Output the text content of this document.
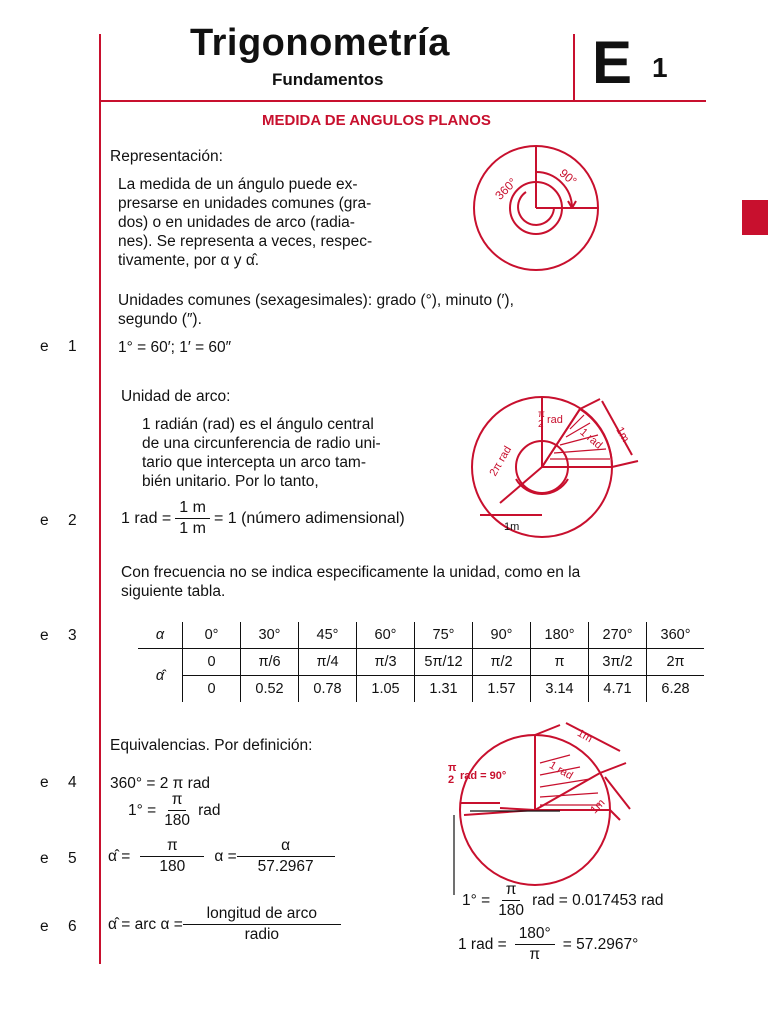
Trigonometría
Fundamentos	E 1
MEDIDA DE ANGULOS PLANOS
Representación:
La medida de un ángulo puede ex-
presarse en unidades comunes (gra-
dos) o en unidades de arco (radia-
nes). Se representa a veces, respec-
tivamente, por α y α̂.
360°	90°
Unidades comunes (sexagesimales): grado (°), minuto (′),
segundo (″).
e 1	1° = 60′; 1′ = 60″
Unidad de arco:
1 radián (rad) es el ángulo central
de una circunferencia de radio uni-
tario que intercepta un arco tam-
bién unitario. Por lo tanto,
π
2 rad
1 rad 1m
2π rad
1m
e 2	1 rad = $\frac{1 m}{1 m} = 1$ (número adimensional)
Con frecuencia no se indica especificamente la unidad, como en la
siguiente tabla.
e 3	α	0°	30°	45°	60°	75°	90°	180°	270°	360°
α̂	0	π/6	π/4	π/3	5π/12	π/2	π	3π/2	2π
	0	0.52	0.78	1.05	1.31	1.57	3.14	4.71	6.28
Equivalencias. Por definición:
e 4 360° = 2 π rad
$1^\circ = \frac{\pi}{180}$ rad
e 5 α̂ = $\frac{\pi}{180}$ $\alpha = \frac{\alpha}{57.2967}$
e 6 α̂ = arc $\alpha = \frac{\text{longitud de arco}}{\text{radio}}$
π
2 rad = 90°	1 rad
1m
1m
$1^\circ = \frac{\pi}{180}$ rad = 0.017453 rad
1 rad = $\frac{180^\circ}{\pi} = 57.2967^\circ$
